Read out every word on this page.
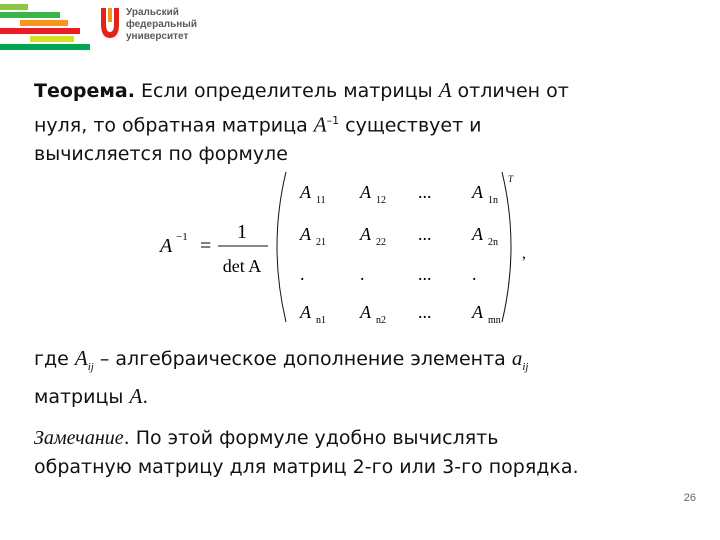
Уральский
федеральный
университет
Теорема. Если определитель матрицы A отличен от
нуля, то обратная матрица $A^{-1}$ существует и
вычисляется по формуле
A −1 =
1
det A
T
,
A 11 A 12 ... A 1n
A 21 A 22 ... A 2n
.	.	... .
A n1 A n2 ... A mn
где $A_{ij}$ – алгебраическое дополнение элемента $a_{ij}$
матрицы A.
Замечание. По этой формуле удобно вычислять
обратную матрицу для матриц 2-го или 3-го порядка.
26
